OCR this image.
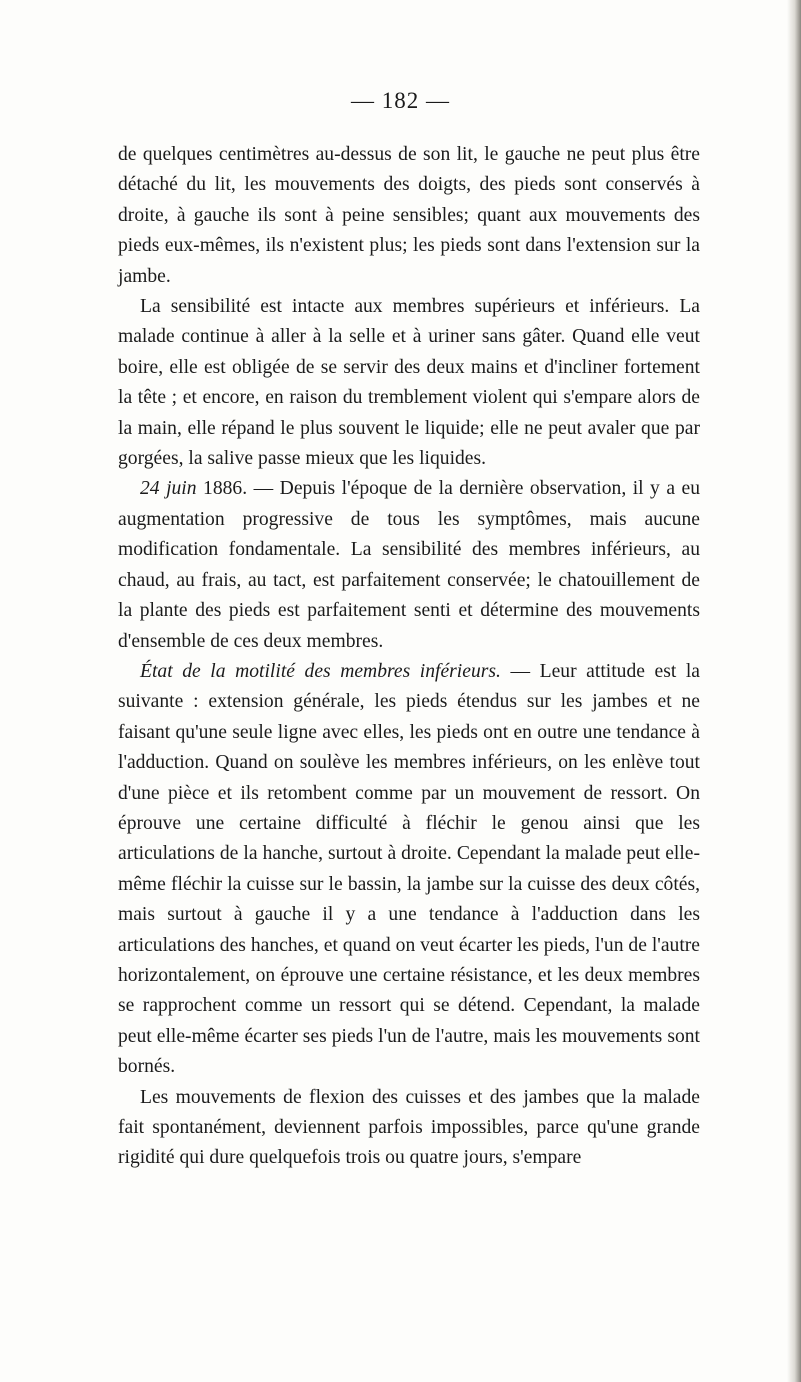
— 182 —

de quelques centimètres au-dessus de son lit, le gauche ne peut plus être détaché du lit, les mouvements des doigts, des pieds sont conservés à droite, à gauche ils sont à peine sensibles; quant aux mouvements des pieds eux-mêmes, ils n'existent plus; les pieds sont dans l'extension sur la jambe.

La sensibilité est intacte aux membres supérieurs et inférieurs. La malade continue à aller à la selle et à uriner sans gâter. Quand elle veut boire, elle est obligée de se servir des deux mains et d'incliner fortement la tête ; et encore, en raison du tremblement violent qui s'empare alors de la main, elle répand le plus souvent le liquide; elle ne peut avaler que par gorgées, la salive passe mieux que les liquides.

24 juin 1886. — Depuis l'époque de la dernière observation, il y a eu augmentation progressive de tous les symptômes, mais aucune modification fondamentale. La sensibilité des membres inférieurs, au chaud, au frais, au tact, est parfaitement conservée; le chatouillement de la plante des pieds est parfaitement senti et détermine des mouvements d'ensemble de ces deux membres.

État de la motilité des membres inférieurs. — Leur attitude est la suivante : extension générale, les pieds étendus sur les jambes et ne faisant qu'une seule ligne avec elles, les pieds ont en outre une tendance à l'adduction. Quand on soulève les membres inférieurs, on les enlève tout d'une pièce et ils retombent comme par un mouvement de ressort. On éprouve une certaine difficulté à fléchir le genou ainsi que les articulations de la hanche, surtout à droite. Cependant la malade peut elle-même fléchir la cuisse sur le bassin, la jambe sur la cuisse des deux côtés, mais surtout à gauche il y a une tendance à l'adduction dans les articulations des hanches, et quand on veut écarter les pieds, l'un de l'autre horizontalement, on éprouve une certaine résistance, et les deux membres se rapprochent comme un ressort qui se détend. Cependant, la malade peut elle-même écarter ses pieds l'un de l'autre, mais les mouvements sont bornés.

Les mouvements de flexion des cuisses et des jambes que la malade fait spontanément, deviennent parfois impossibles, parce qu'une grande rigidité qui dure quelquefois trois ou quatre jours, s'empare
